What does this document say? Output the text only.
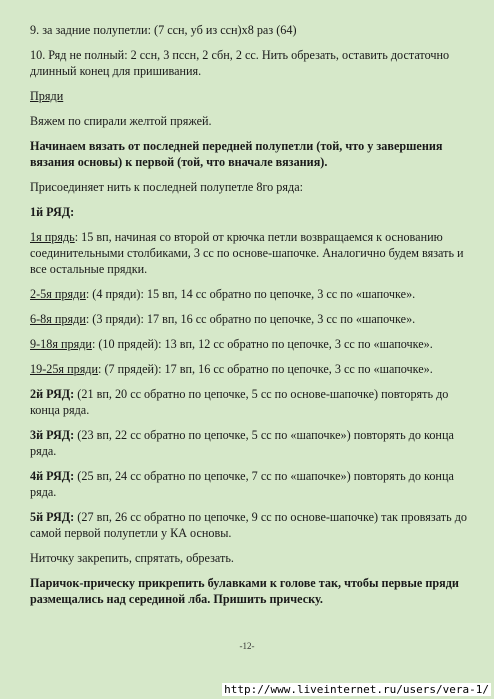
9. за задние полупетли: (7 ссн, уб из ссн)х8 раз (64)

10. Ряд не полный: 2 ссн, 3 пссн, 2 сбн, 2 сс. Нить обрезать, оставить достаточно длинный конец для пришивания.

Пряди

Вяжем по спирали желтой пряжей.

Начинаем вязать от последней передней полупетли (той, что у завершения вязания основы) к первой (той, что вначале вязания).

Присоединяет нить к последней полупетле 8го ряда:

1й РЯД:

1я прядь: 15 вп, начиная со второй от крючка петли возвращаемся к основанию соединительными столбиками, 3 сс по основе-шапочке. Аналогично будем вязать и все остальные прядки.

2-5я пряди: (4 пряди): 15 вп, 14 сс обратно по цепочке, 3 сс по «шапочке».

6-8я пряди: (3 пряди): 17 вп, 16 сс обратно по цепочке, 3 сс по «шапочке».

9-18я пряди: (10 прядей): 13 вп, 12 сс обратно по цепочке, 3 сс по «шапочке».

19-25я пряди: (7 прядей): 17 вп, 16 сс обратно по цепочке, 3 сс по «шапочке».

2й РЯД: (21 вп, 20 сс обратно по цепочке, 5 сс по основе-шапочке) повторять до конца ряда.

3й РЯД: (23 вп, 22 сс обратно по цепочке, 5 сс по «шапочке») повторять до конца ряда.

4й РЯД: (25 вп, 24 сс обратно по цепочке, 7 сс по «шапочке») повторять до конца ряда.

5й РЯД: (27 вп, 26 сс обратно по цепочке, 9 сс по основе-шапочке) так провязать до самой первой полупетли у КА основы.

Ниточку закрепить, спрятать, обрезать.

Паричок-прическу прикрепить булавками к голове так, чтобы первые пряди размещались над серединой лба. Пришить прическу.

-12-
http://www.liveinternet.ru/users/vera-1/
